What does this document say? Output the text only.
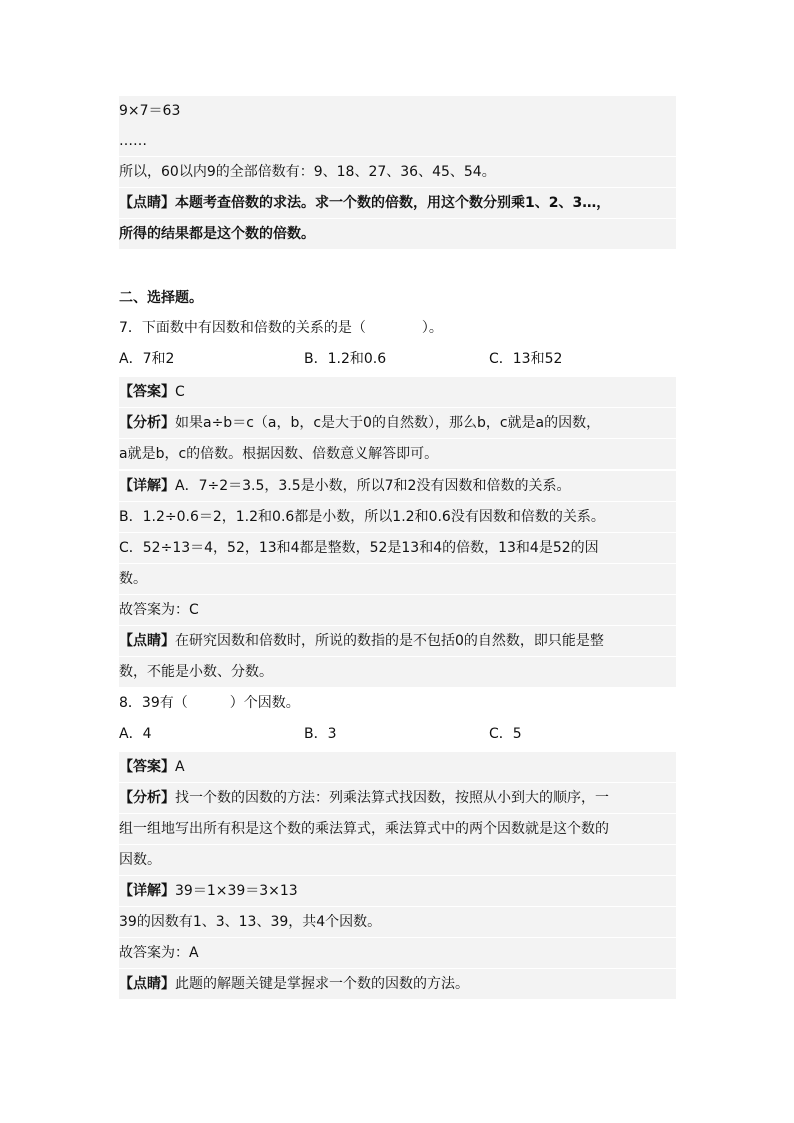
9×7＝63
……
所以，60以内9的全部倍数有：9、18、27、36、45、54。
【点睛】本题考查倍数的求法。求一个数的倍数，用这个数分别乘1、2、3…，
所得的结果都是这个数的倍数。
二、选择题。
7．下面数中有因数和倍数的关系的是（　　　　）。
A．7和2	B．1.2和0.6	C．13和52
【答案】C
【分析】如果a÷b＝c（a，b，c是大于0的自然数），那么b，c就是a的因数，
a就是b，c的倍数。根据因数、倍数意义解答即可。
【详解】A．7÷2＝3.5，3.5是小数，所以7和2没有因数和倍数的关系。
B．1.2÷0.6＝2，1.2和0.6都是小数，所以1.2和0.6没有因数和倍数的关系。
C．52÷13＝4，52，13和4都是整数，52是13和4的倍数，13和4是52的因
数。
故答案为：C
【点睛】在研究因数和倍数时，所说的数指的是不包括0的自然数，即只能是整
数，不能是小数、分数。
8．39有（　　　）个因数。
A．4	B．3	C．5
【答案】A
【分析】找一个数的因数的方法：列乘法算式找因数，按照从小到大的顺序，一
组一组地写出所有积是这个数的乘法算式，乘法算式中的两个因数就是这个数的
因数。
【详解】39＝1×39＝3×13
39的因数有1、3、13、39，共4个因数。
故答案为：A
【点睛】此题的解题关键是掌握求一个数的因数的方法。
